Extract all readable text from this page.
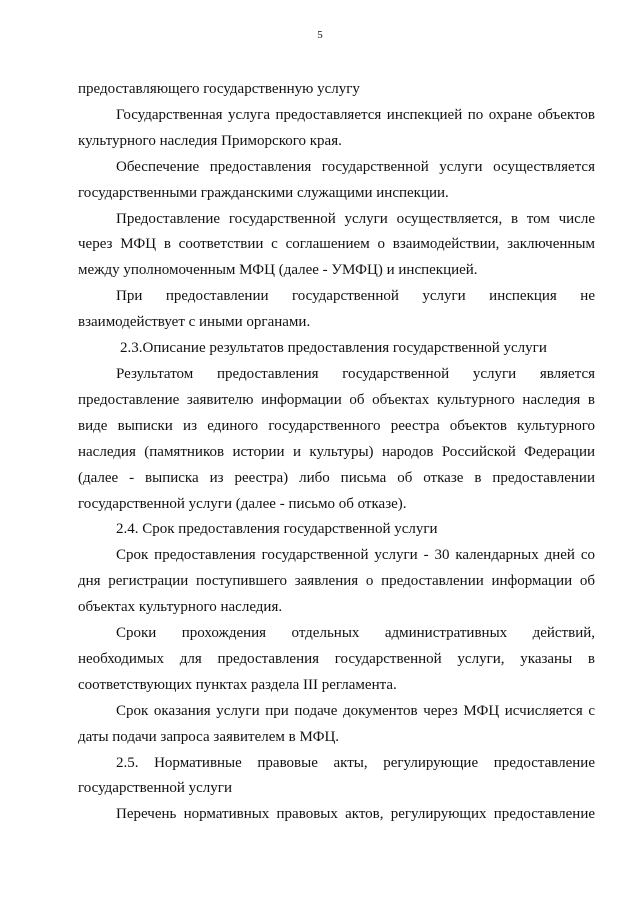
5
предоставляющего государственную услугу
Государственная услуга предоставляется инспекцией по охране объектов
культурного наследия Приморского края.
Обеспечение предоставления государственной услуги осуществляется
государственными гражданскими служащими инспекции.
Предоставление государственной услуги осуществляется, в том числе
через МФЦ в соответствии с соглашением о взаимодействии, заключенным
между уполномоченным МФЦ (далее - УМФЦ) и инспекцией.
При предоставлении государственной услуги инспекция не
взаимодействует с иными органами.
2.3.Описание результатов предоставления государственной услуги
Результатом предоставления государственной услуги является
предоставление заявителю информации об объектах культурного наследия в
виде выписки из единого государственного реестра объектов культурного
наследия (памятников истории и культуры) народов Российской Федерации
(далее - выписка из реестра) либо письма об отказе в предоставлении
государственной услуги (далее - письмо об отказе).
2.4. Срок предоставления государственной услуги
Срок предоставления государственной услуги - 30 календарных дней со
дня регистрации поступившего заявления о предоставлении информации об
объектах культурного наследия.
Сроки прохождения отдельных административных действий,
необходимых для предоставления государственной услуги, указаны в
соответствующих пунктах раздела III регламента.
Срок оказания услуги при подаче документов через МФЦ исчисляется с
даты подачи запроса заявителем в МФЦ.
2.5. Нормативные правовые акты, регулирующие предоставление
государственной услуги
Перечень нормативных правовых актов, регулирующих предоставление
